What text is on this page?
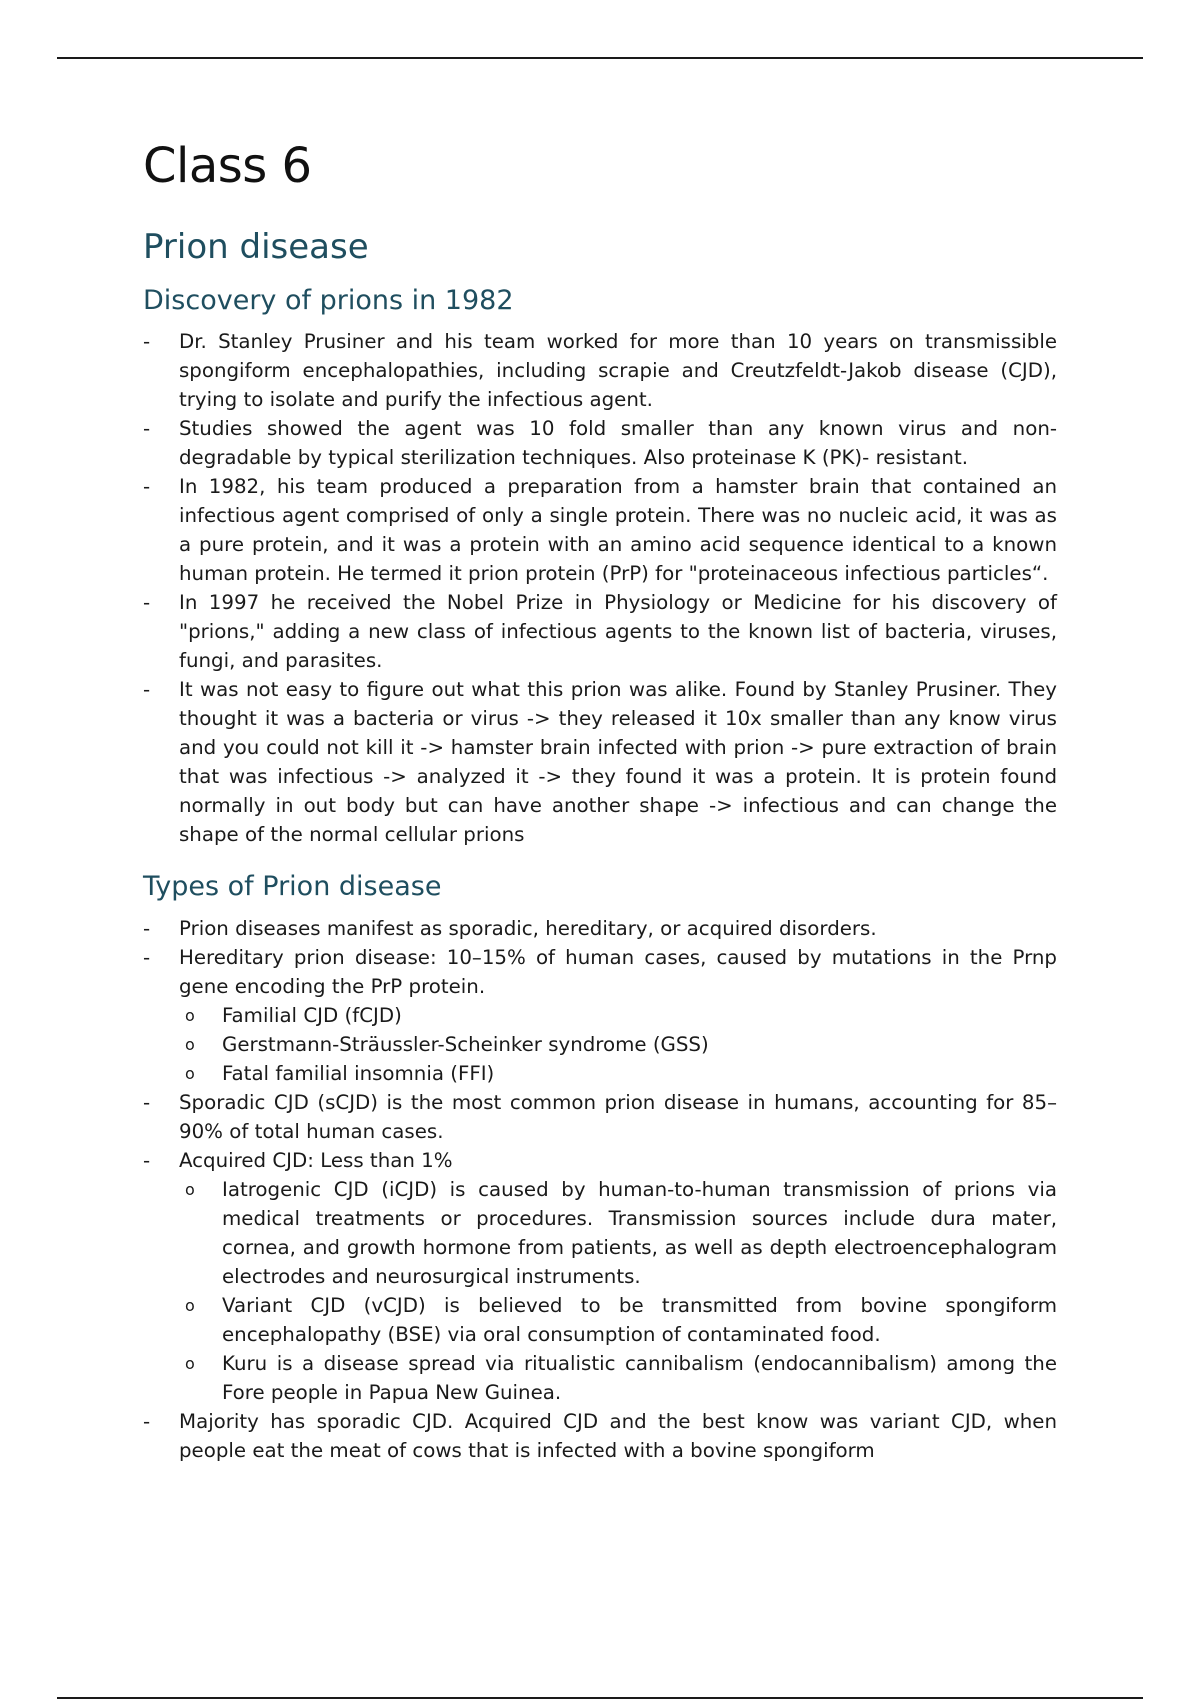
Class 6
Prion disease
Discovery of prions in 1982
-	Dr. Stanley Prusiner and his team worked for more than 10 years on transmissible spongiform encephalopathies, including scrapie and Creutzfeldt-Jakob disease (CJD), trying to isolate and purify the infectious agent.
-	Studies showed the agent was 10 fold smaller than any known virus and non-degradable by typical sterilization techniques. Also proteinase K (PK)- resistant.
-	In 1982, his team produced a preparation from a hamster brain that contained an infectious agent comprised of only a single protein. There was no nucleic acid, it was as a pure protein, and it was a protein with an amino acid sequence identical to a known human protein. He termed it prion protein (PrP) for "proteinaceous infectious particles“.
-	In 1997 he received the Nobel Prize in Physiology or Medicine for his discovery of "prions," adding a new class of infectious agents to the known list of bacteria, viruses, fungi, and parasites.
-	It was not easy to figure out what this prion was alike. Found by Stanley Prusiner. They thought it was a bacteria or virus -> they released it 10x smaller than any know virus and you could not kill it -> hamster brain infected with prion -> pure extraction of brain that was infectious -> analyzed it -> they found it was a protein. It is protein found normally in out body but can have another shape -> infectious and can change the shape of the normal cellular prions
Types of Prion disease
-	Prion diseases manifest as sporadic, hereditary, or acquired disorders.
-	Hereditary prion disease: 10–15% of human cases, caused by mutations in the Prnp gene encoding the PrP protein.
o	Familial CJD (fCJD)
o	Gerstmann-Sträussler-Scheinker syndrome (GSS)
o	Fatal familial insomnia (FFI)
-	Sporadic CJD (sCJD) is the most common prion disease in humans, accounting for 85–90% of total human cases.
-	Acquired CJD: Less than 1%
o	Iatrogenic CJD (iCJD) is caused by human-to-human transmission of prions via medical treatments or procedures. Transmission sources include dura mater, cornea, and growth hormone from patients, as well as depth electroencephalogram electrodes and neurosurgical instruments.
o	Variant CJD (vCJD) is believed to be transmitted from bovine spongiform encephalopathy (BSE) via oral consumption of contaminated food.
o	Kuru is a disease spread via ritualistic cannibalism (endocannibalism) among the Fore people in Papua New Guinea.
-	Majority has sporadic CJD. Acquired CJD and the best know was variant CJD, when people eat the meat of cows that is infected with a bovine spongiform
